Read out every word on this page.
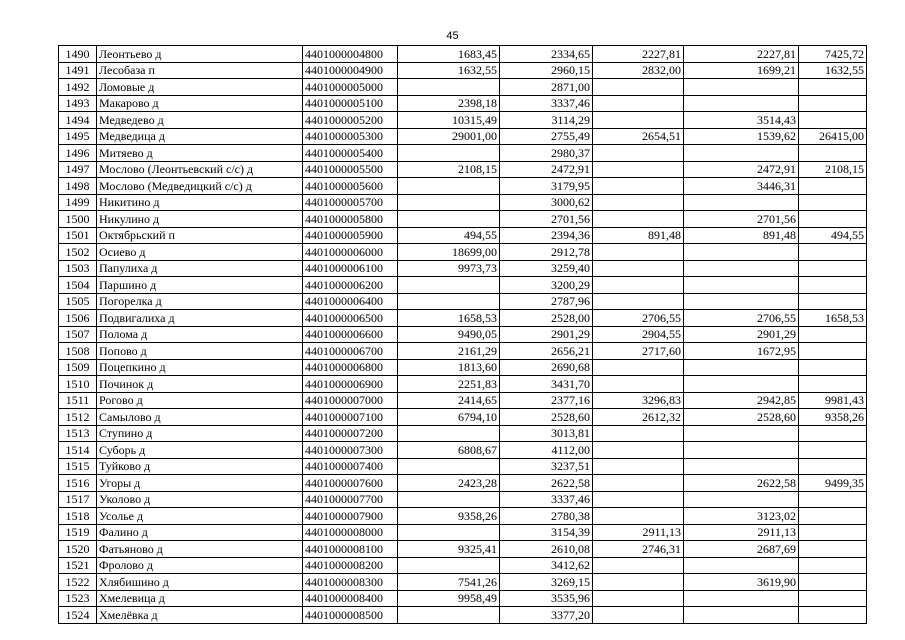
45
1490	Леонтьево д	4401000004800	1683,45	2334,65	2227,81	2227,81	7425,72
1491	Лесобаза п	4401000004900	1632,55	2960,15	2832,00	1699,21	1632,55
1492	Ломовые д	4401000005000		2871,00			
1493	Макарово д	4401000005100	2398,18	3337,46			
1494	Медведево д	4401000005200	10315,49	3114,29		3514,43	
1495	Медведица д	4401000005300	29001,00	2755,49	2654,51	1539,62	26415,00
1496	Митяево д	4401000005400		2980,37			
1497	Мослово (Леонтьевский с/с) д	4401000005500	2108,15	2472,91		2472,91	2108,15
1498	Мослово (Медведицкий с/с) д	4401000005600		3179,95		3446,31	
1499	Никитино д	4401000005700		3000,62			
1500	Никулино д	4401000005800		2701,56		2701,56	
1501	Октябрьский п	4401000005900	494,55	2394,36	891,48	891,48	494,55
1502	Осиево д	4401000006000	18699,00	2912,78			
1503	Папулиха д	4401000006100	9973,73	3259,40			
1504	Паршино д	4401000006200		3200,29			
1505	Погорелка д	4401000006400		2787,96			
1506	Подвигалиха д	4401000006500	1658,53	2528,00	2706,55	2706,55	1658,53
1507	Полома д	4401000006600	9490,05	2901,29	2904,55	2901,29	
1508	Попово д	4401000006700	2161,29	2656,21	2717,60	1672,95	
1509	Поцепкино д	4401000006800	1813,60	2690,68			
1510	Починок д	4401000006900	2251,83	3431,70			
1511	Рогово д	4401000007000	2414,65	2377,16	3296,83	2942,85	9981,43
1512	Самылово д	4401000007100	6794,10	2528,60	2612,32	2528,60	9358,26
1513	Ступино д	4401000007200		3013,81			
1514	Суборь д	4401000007300	6808,67	4112,00			
1515	Туйково д	4401000007400		3237,51			
1516	Угоры д	4401000007600	2423,28	2622,58		2622,58	9499,35
1517	Уколово д	4401000007700		3337,46			
1518	Усолье д	4401000007900	9358,26	2780,38		3123,02	
1519	Фалино д	4401000008000		3154,39	2911,13	2911,13	
1520	Фатьяново д	4401000008100	9325,41	2610,08	2746,31	2687,69	
1521	Фролово д	4401000008200		3412,62			
1522	Хлябишино д	4401000008300	7541,26	3269,15		3619,90	
1523	Хмелевица д	4401000008400	9958,49	3535,96			
1524	Хмелёвка д	4401000008500		3377,20			
